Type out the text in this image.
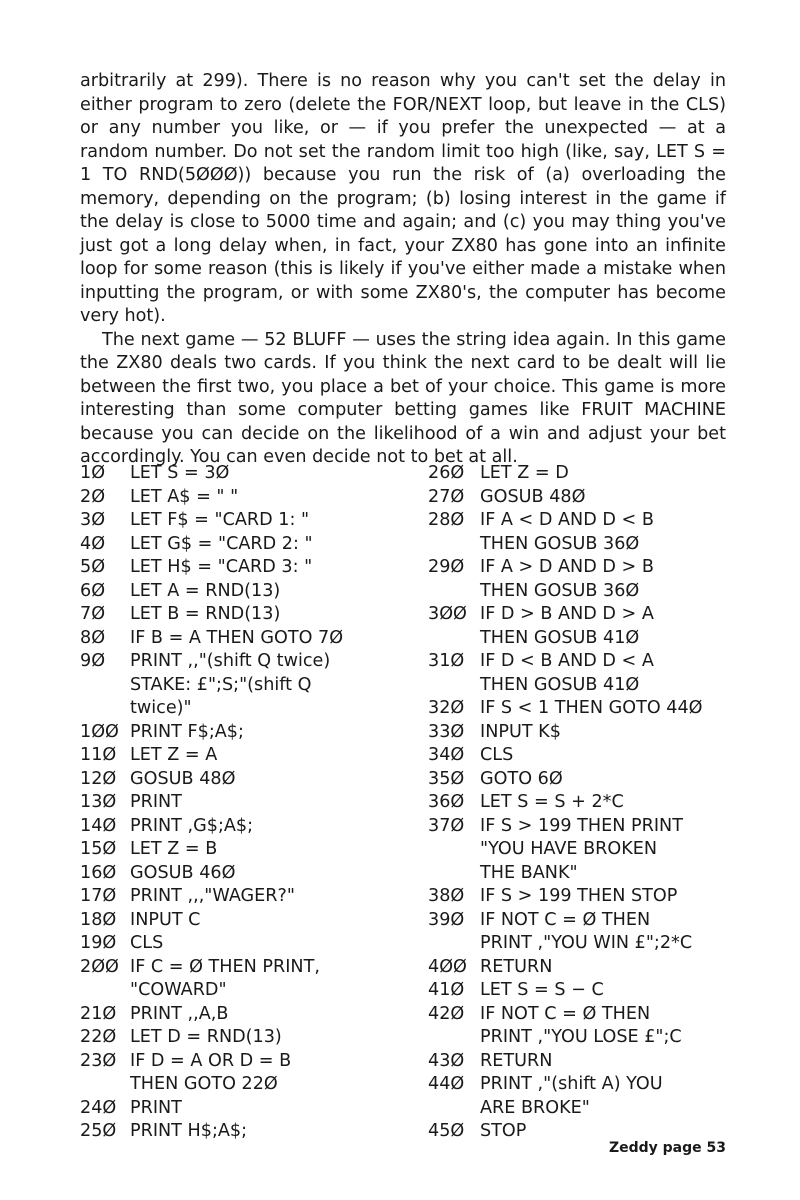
arbitrarily at 299). There is no reason why you can't set the delay in either program to zero (delete the FOR/NEXT loop, but leave in the CLS) or any number you like, or — if you prefer the unexpected — at a random number. Do not set the random limit too high (like, say, LET S = 1 TO RND(5ØØØ)) because you run the risk of (a) overloading the memory, depending on the program; (b) losing interest in the game if the delay is close to 5000 time and again; and (c) you may thing you've just got a long delay when, in fact, your ZX80 has gone into an infinite loop for some reason (this is likely if you've either made a mistake when inputting the program, or with some ZX80's, the computer has become very hot).

The next game — 52 BLUFF — uses the string idea again. In this game the ZX80 deals two cards. If you think the next card to be dealt will lie between the first two, you place a bet of your choice. This game is more interesting than some computer betting games like FRUIT MACHINE because you can decide on the likelihood of a win and adjust your bet accordingly. You can even decide not to bet at all.

1Ø	LET S = 3Ø
2Ø	LET A$ = " "
3Ø	LET F$ = "CARD 1: "
4Ø	LET G$ = "CARD 2: "
5Ø	LET H$ = "CARD 3: "
6Ø	LET A = RND(13)
7Ø	LET B = RND(13)
8Ø	IF B = A THEN GOTO 7Ø
9Ø	PRINT ,,"(shift Q twice)
STAKE: £";S;"(shift Q
twice)"
1ØØ PRINT F$;A$;
11Ø LET Z = A
12Ø GOSUB 48Ø
13Ø PRINT
14Ø PRINT ,G$;A$;
15Ø LET Z = B
16Ø GOSUB 46Ø
17Ø PRINT ,,,"WAGER?"
18Ø INPUT C
19Ø CLS
2ØØ IF C = Ø THEN PRINT,
"COWARD"
21Ø PRINT ,,A,B
22Ø LET D = RND(13)
23Ø IF D = A OR D = B
THEN GOTO 22Ø
24Ø PRINT
25Ø PRINT H$;A$;
26Ø LET Z = D
27Ø GOSUB 48Ø
28Ø IF A < D AND D < B
THEN GOSUB 36Ø
29Ø IF A > D AND D > B
THEN GOSUB 36Ø
3ØØ IF D > B AND D > A
THEN GOSUB 41Ø
31Ø IF D < B AND D < A
THEN GOSUB 41Ø
32Ø IF S < 1 THEN GOTO 44Ø
33Ø INPUT K$
34Ø CLS
35Ø GOTO 6Ø
36Ø LET S = S + 2*C
37Ø IF S > 199 THEN PRINT
"YOU HAVE BROKEN
THE BANK"
38Ø IF S > 199 THEN STOP
39Ø IF NOT C = Ø THEN
PRINT ,"YOU WIN £";2*C
4ØØ RETURN
41Ø LET S = S − C
42Ø IF NOT C = Ø THEN
PRINT ,"YOU LOSE £";C
43Ø RETURN
44Ø PRINT ,"(shift A) YOU
ARE BROKE"
45Ø STOP
Zeddy page 53
